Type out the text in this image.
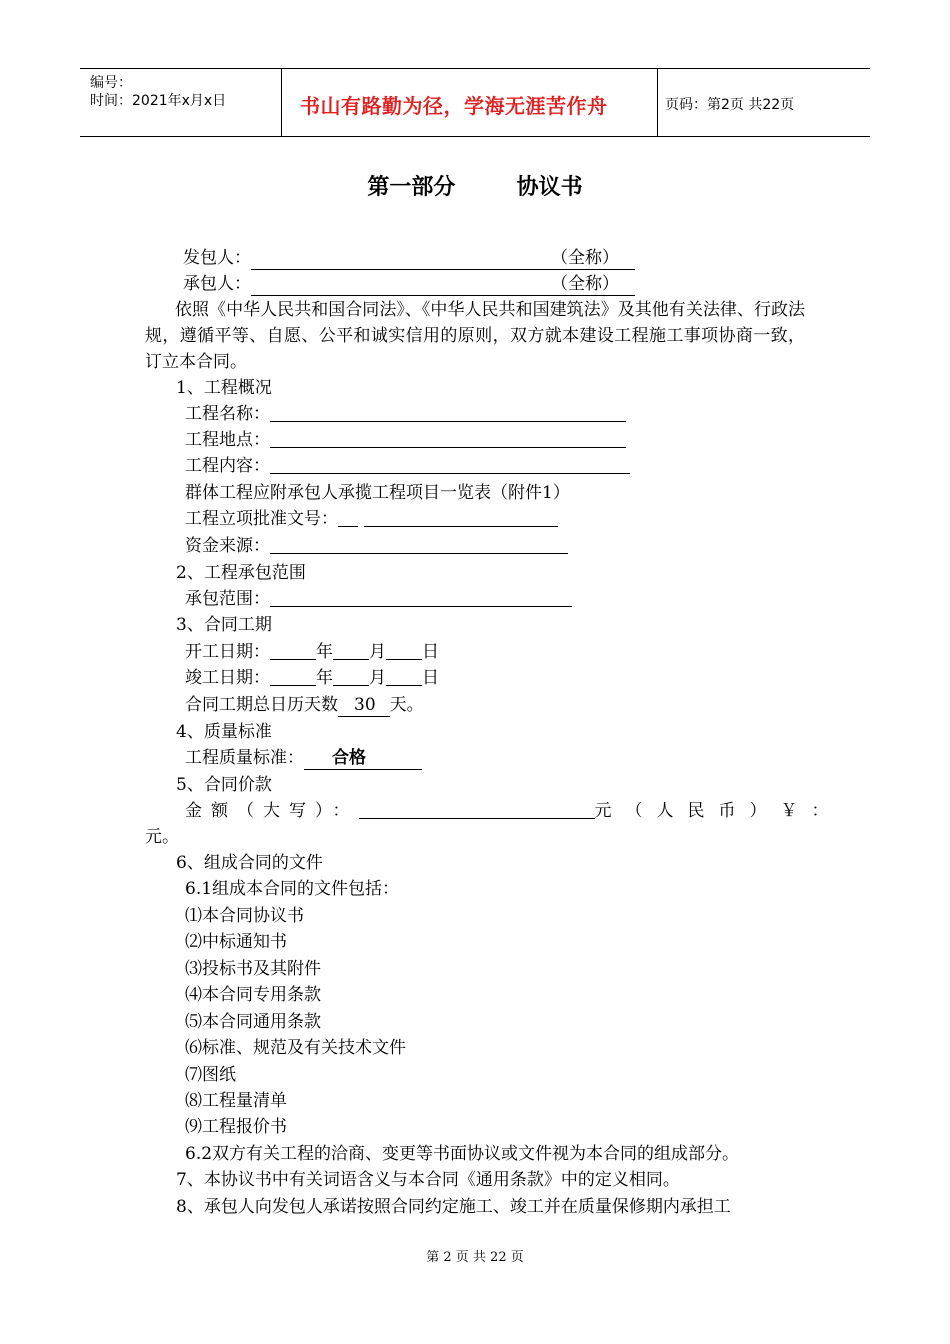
编号：
时间：2021年x月x日	书山有路勤为径，学海无涯苦作舟	页码：第2页 共22页
第一部分        协议书
发包人：	（全称）
承包人：	（全称）
依照《中华人民共和国合同法》、《中华人民共和国建筑法》及其他有关法律、行政法规，遵循平等、自愿、公平和诚实信用的原则，双方就本建设工程施工事项协商一致，订立本合同。
1、工程概况
工程名称：
工程地点：
工程内容：
群体工程应附承包人承揽工程项目一览表（附件1）
工程立项批准文号：
资金来源：
2、工程承包范围
承包范围：
3、合同工期
开工日期：	年 月 日
竣工日期：	年 月 日
合同工期总日历天数 30 天。
4、质量标准
工程质量标准： 合格
5、合同价款
金额（大写）：	元（人民币）￥：
元。
6、组成合同的文件
6.1组成本合同的文件包括：
⑴本合同协议书
⑵中标通知书
⑶投标书及其附件
⑷本合同专用条款
⑸本合同通用条款
⑹标准、规范及有关技术文件
⑺图纸
⑻工程量清单
⑼工程报价书
6.2双方有关工程的洽商、变更等书面协议或文件视为本合同的组成部分。
7、本协议书中有关词语含义与本合同《通用条款》中的定义相同。
8、承包人向发包人承诺按照合同约定施工、竣工并在质量保修期内承担工
第 2 页 共 22 页
